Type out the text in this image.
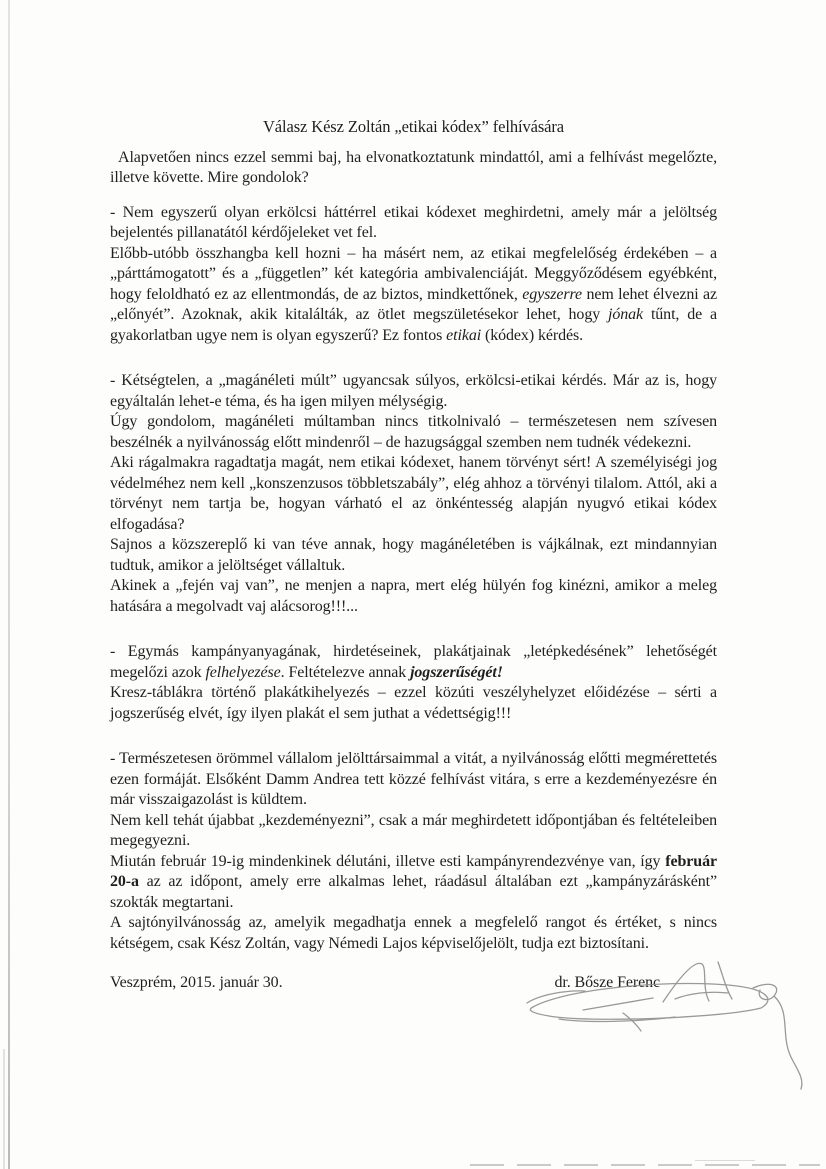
Válasz Kész Zoltán „etikai kódex” felhívására

Alapvetően nincs ezzel semmi baj, ha elvonatkoztatunk mindattól, ami a felhívást megelőzte, illetve követte. Mire gondolok?

- Nem egyszerű olyan erkölcsi háttérrel etikai kódexet meghirdetni, amely már a jelöltség bejelentés pillanatától kérdőjeleket vet fel.

Előbb-utóbb összhangba kell hozni – ha másért nem, az etikai megfelelőség érdekében – a „párttámogatott” és a „független” két kategória ambivalenciáját. Meggyőződésem egyébként, hogy feloldható ez az ellentmondás, de az biztos, mindkettőnek, egyszerre nem lehet élvezni az „előnyét”. Azoknak, akik kitalálták, az ötlet megszületésekor lehet, hogy jónak tűnt, de a gyakorlatban ugye nem is olyan egyszerű? Ez fontos etikai (kódex) kérdés.

- Kétségtelen, a „magánéleti múlt” ugyancsak súlyos, erkölcsi-etikai kérdés. Már az is, hogy egyáltalán lehet-e téma, és ha igen milyen mélységig.

Úgy gondolom, magánéleti múltamban nincs titkolnivaló – természetesen nem szívesen beszélnék a nyilvánosság előtt mindenről – de hazugsággal szemben nem tudnék védekezni.

Aki rágalmakra ragadtatja magát, nem etikai kódexet, hanem törvényt sért! A személyiségi jog védelméhez nem kell „konszenzusos többletszabály”, elég ahhoz a törvényi tilalom. Attól, aki a törvényt nem tartja be, hogyan várható el az önkéntesség alapján nyugvó etikai kódex elfogadása?

Sajnos a közszereplő ki van téve annak, hogy magánéletében is vájkálnak, ezt mindannyian tudtuk, amikor a jelöltséget vállaltuk.

Akinek a „fején vaj van”, ne menjen a napra, mert elég hülyén fog kinézni, amikor a meleg hatására a megolvadt vaj alácsorog!!!...

- Egymás kampányanyagának, hirdetéseinek, plakátjainak „letépkedésének” lehetőségét megelőzi azok felhelyezése. Feltételezve annak jogszerűségét!

Kresz-táblákra történő plakátkihelyezés – ezzel közúti veszélyhelyzet előidézése – sérti a jogszerűség elvét, így ilyen plakát el sem juthat a védettségig!!!

- Természetesen örömmel vállalom jelölttársaimmal a vitát, a nyilvánosság előtti megmérettetés ezen formáját. Elsőként Damm Andrea tett közzé felhívást vitára, s erre a kezdeményezésre én már visszaigazolást is küldtem.

Nem kell tehát újabbat „kezdeményezni”, csak a már meghirdetett időpontjában és feltételeiben megegyezni.

Miután február 19-ig mindenkinek délutáni, illetve esti kampányrendezvénye van, így február 20-a az az időpont, amely erre alkalmas lehet, ráadásul általában ezt „kampányzárásként” szokták megtartani.

A sajtónyilvánosság az, amelyik megadhatja ennek a megfelelő rangot és értéket, s nincs kétségem, csak Kész Zoltán, vagy Némedi Lajos képviselőjelölt, tudja ezt biztosítani.

Veszprém, 2015. január 30.	dr. Bősze Ferenc
